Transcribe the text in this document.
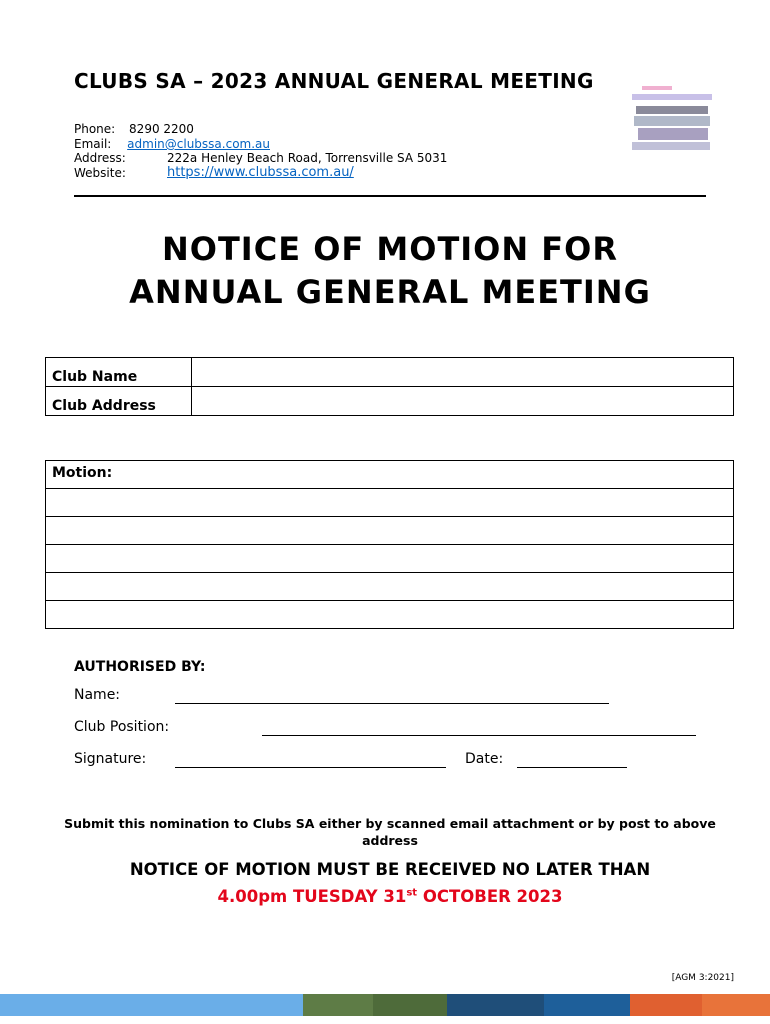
CLUBS SA – 2023 ANNUAL GENERAL MEETING
Phone: 8290 2200
Email: admin@clubssa.com.au
Address:	222a Henley Beach Road, Torrensville SA 5031
Website:	https://www.clubssa.com.au/
NOTICE OF MOTION FOR
ANNUAL GENERAL MEETING
Club Name	
Club Address	
Motion:

AUTHORISED BY:
Name:
Club Position:
Signature:	Date:
Submit this nomination to Clubs SA either by scanned email attachment or by post to above address
NOTICE OF MOTION MUST BE RECEIVED NO LATER THAN
4.00pm TUESDAY 31st OCTOBER 2023
[AGM 3:2021]
